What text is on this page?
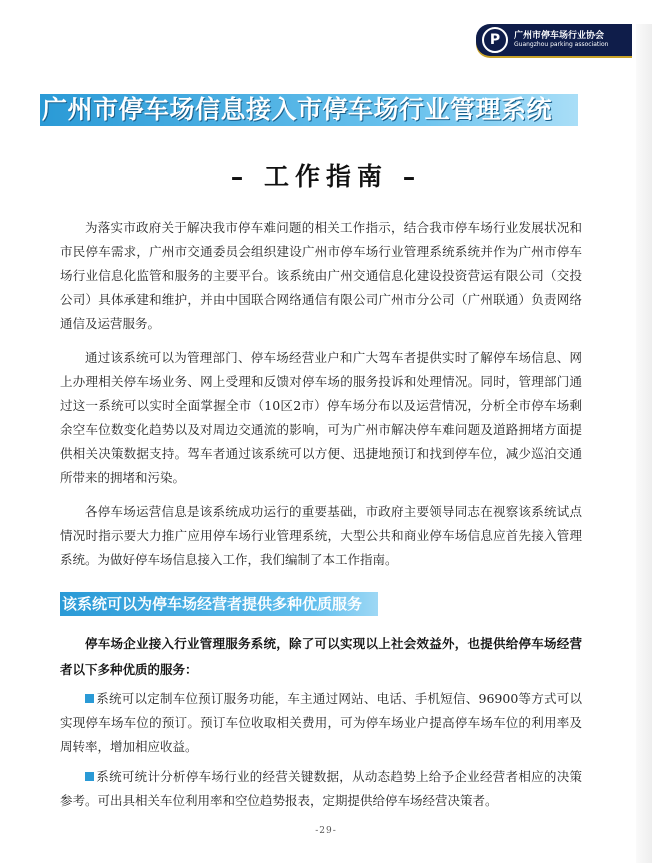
P	广州市停车场行业协会
Guangzhou parking association
广州市停车场信息接入市停车场行业管理系统
– 工作指南 –

为落实市政府关于解决我市停车难问题的相关工作指示，结合我市停车场行业发展状况和市民停车需求，广州市交通委员会组织建设广州市停车场行业管理系统系统并作为广州市停车场行业信息化监管和服务的主要平台。该系统由广州交通信息化建设投资营运有限公司（交投公司）具体承建和维护，并由中国联合网络通信有限公司广州市分公司（广州联通）负责网络通信及运营服务。

通过该系统可以为管理部门、停车场经营业户和广大驾车者提供实时了解停车场信息、网上办理相关停车场业务、网上受理和反馈对停车场的服务投诉和处理情况。同时，管理部门通过这一系统可以实时全面掌握全市（10区2市）停车场分布以及运营情况，分析全市停车场剩余空车位数变化趋势以及对周边交通流的影响，可为广州市解决停车难问题及道路拥堵方面提供相关决策数据支持。驾车者通过该系统可以方便、迅捷地预订和找到停车位，减少巡泊交通所带来的拥堵和污染。

各停车场运营信息是该系统成功运行的重要基础，市政府主要领导同志在视察该系统试点情况时指示要大力推广应用停车场行业管理系统，大型公共和商业停车场信息应首先接入管理系统。为做好停车场信息接入工作，我们编制了本工作指南。

该系统可以为停车场经营者提供多种优质服务

停车场企业接入行业管理服务系统，除了可以实现以上社会效益外，也提供给停车场经营者以下多种优质的服务：

系统可以定制车位预订服务功能，车主通过网站、电话、手机短信、96900等方式可以实现停车场车位的预订。预订车位收取相关费用，可为停车场业户提高停车场车位的利用率及周转率，增加相应收益。

系统可统计分析停车场行业的经营关键数据，从动态趋势上给予企业经营者相应的决策参考。可出具相关车位利用率和空位趋势报表，定期提供给停车场经营决策者。

-29-
